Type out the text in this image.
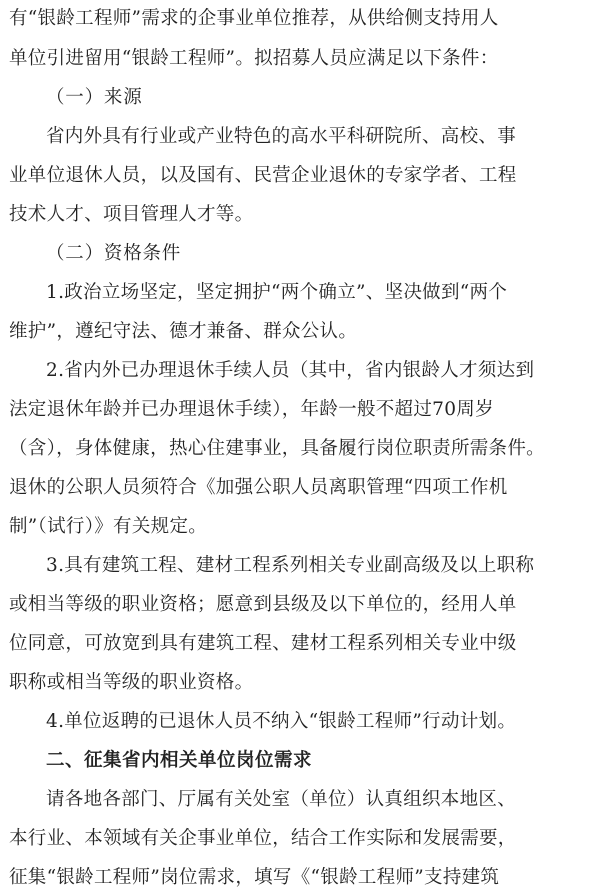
有“银龄工程师”需求的企事业单位推荐，从供给侧支持用人
单位引进留用“银龄工程师”。拟招募人员应满足以下条件：
（一）来源
省内外具有行业或产业特色的高水平科研院所、高校、事
业单位退休人员，以及国有、民营企业退休的专家学者、工程
技术人才、项目管理人才等。
（二）资格条件
1.政治立场坚定，坚定拥护“两个确立”、坚决做到“两个
维护”，遵纪守法、德才兼备、群众公认。
2.省内外已办理退休手续人员（其中，省内银龄人才须达到
法定退休年龄并已办理退休手续），年龄一般不超过70周岁
（含），身体健康，热心住建事业，具备履行岗位职责所需条件。
退休的公职人员须符合《加强公职人员离职管理“四项工作机
制”（试行）》有关规定。
3.具有建筑工程、建材工程系列相关专业副高级及以上职称
或相当等级的职业资格；愿意到县级及以下单位的，经用人单
位同意，可放宽到具有建筑工程、建材工程系列相关专业中级
职称或相当等级的职业资格。
4.单位返聘的已退休人员不纳入“银龄工程师”行动计划。
二、征集省内相关单位岗位需求
请各地各部门、厅属有关处室（单位）认真组织本地区、
本行业、本领域有关企事业单位，结合工作实际和发展需要，
征集“银龄工程师”岗位需求，填写《“银龄工程师”支持建筑
